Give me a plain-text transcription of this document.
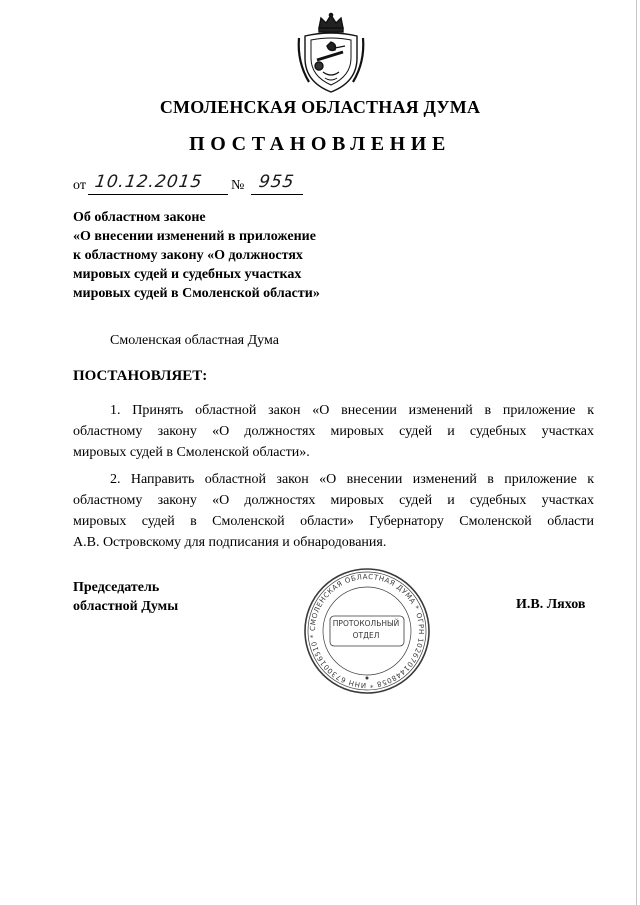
СМОЛЕНСКАЯ ОБЛАСТНАЯ ДУМА
ПОСТАНОВЛЕНИЕ
от 10.12.2015 № 955
Об областном законе
«О внесении изменений в приложение
к областному закону «О должностях
мировых судей и судебных участках
мировых судей в Смоленской области»
Смоленская областная Дума
ПОСТАНОВЛЯЕТ:
1. Принять областной закон «О внесении изменений в приложение к
областному закону «О должностях мировых судей и судебных участках
мировых судей в Смоленской области».
2. Направить областной закон «О внесении изменений в приложение к
областному закону «О должностях мировых судей и судебных участках
мировых судей в Смоленской области» Губернатору Смоленской области
А.В. Островскому для подписания и обнародования.
Председатель
областной Думы	И.В. Ляхов
СМОЛЕНСКАЯ ОБЛАСТНАЯ ДУМА * ОГРН 1026701448058 * ИНН 6730016510 *
ПРОТОКОЛЬНЫЙ
ОТДЕЛ
